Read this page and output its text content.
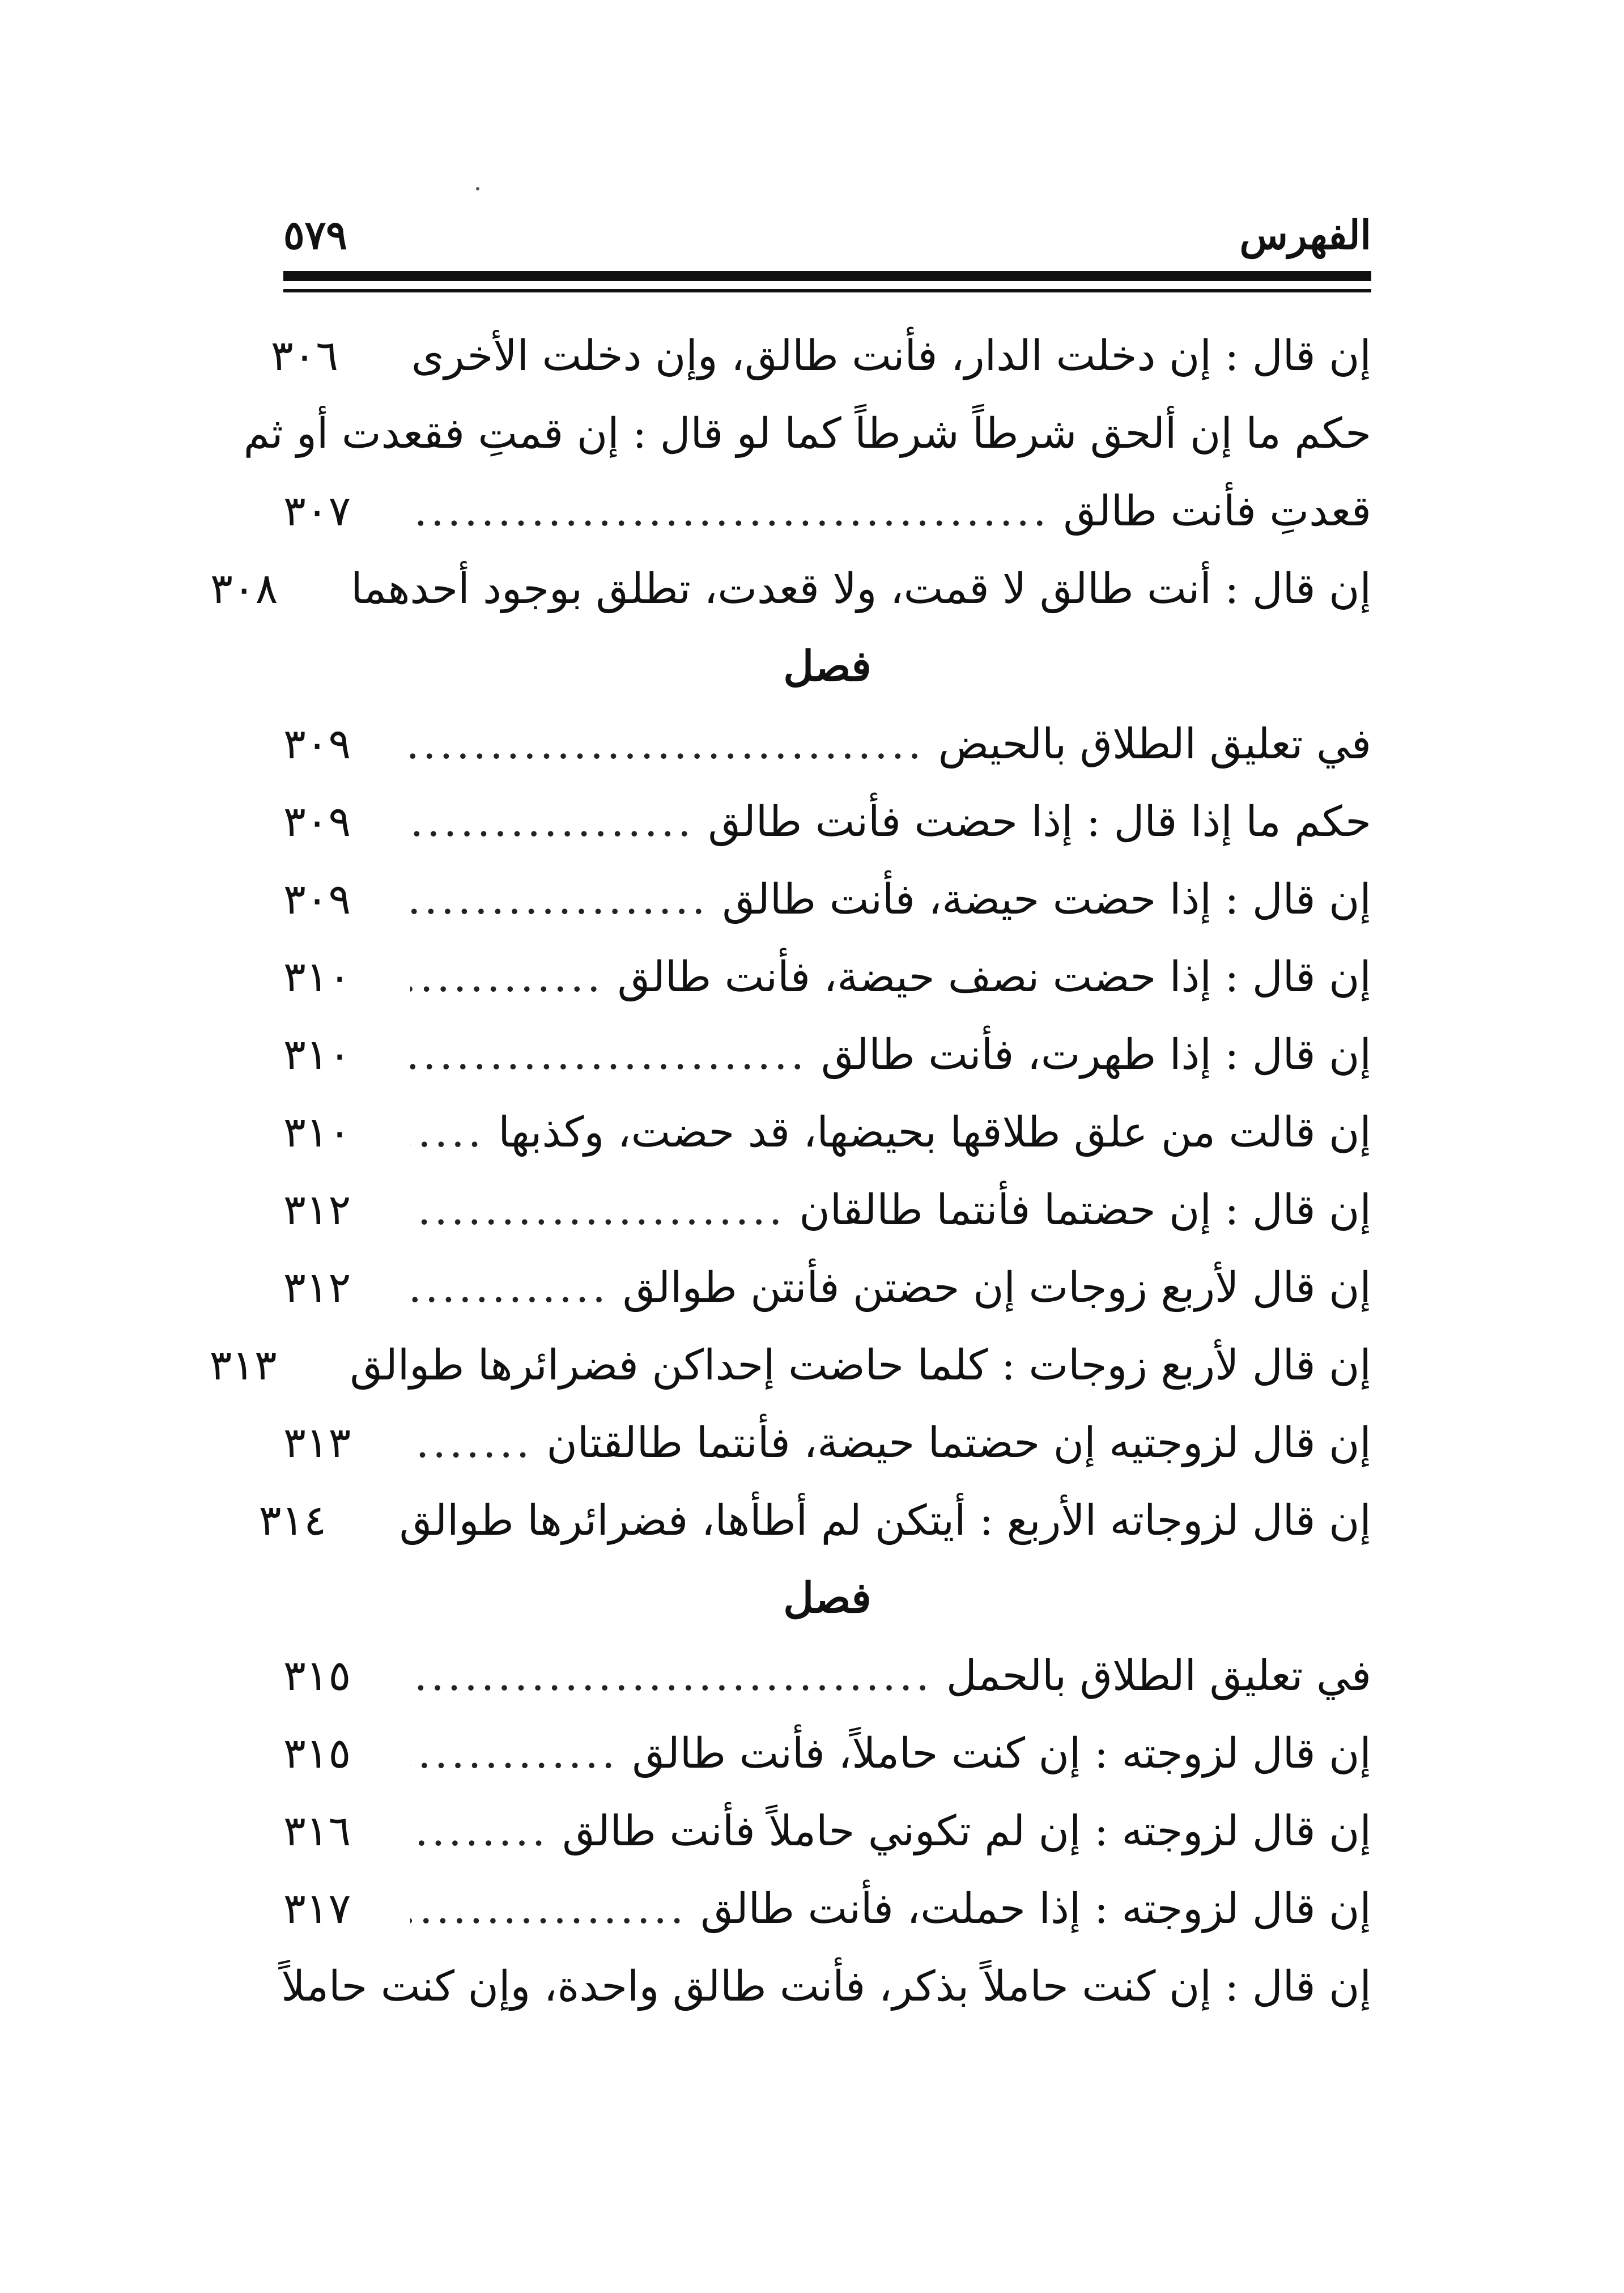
الفهرس
٥٧٩
إن قال : إن دخلت الدار، فأنت طالق، وإن دخلت الأخرى
٣٠٦
حكم ما إن ألحق شرطاً شرطاً كما لو قال : إن قمتِ فقعدت أو ثم
قعدتِ فأنت طالق
.....
٣٠٧
إن قال : أنت طالق لا قمت، ولا قعدت، تطلق بوجود أحدهما
٣٠٨
فصل
في تعليق الطلاق بالحيض
.....
٣٠٩
حكم ما إذا قال : إذا حضت فأنت طالق
.....
٣٠٩
إن قال : إذا حضت حيضة، فأنت طالق
.....
٣٠٩
إن قال : إذا حضت نصف حيضة، فأنت طالق
.....
٣١٠
إن قال : إذا طهرت، فأنت طالق
.....
٣١٠
إن قالت من علق طلاقها بحيضها، قد حضت، وكذبها
.....
٣١٠
إن قال : إن حضتما فأنتما طالقان
.....
٣١٢
إن قال لأربع زوجات إن حضتن فأنتن طوالق
.....
٣١٢
إن قال لأربع زوجات : كلما حاضت إحداكن فضرائرها طوالق
٣١٣
إن قال لزوجتيه إن حضتما حيضة، فأنتما طالقتان
.....
٣١٣
إن قال لزوجاته الأربع : أيتكن لم أطأها، فضرائرها طوالق
٣١٤
فصل
في تعليق الطلاق بالحمل
.....
٣١٥
إن قال لزوجته : إن كنت حاملاً، فأنت طالق
.....
٣١٥
إن قال لزوجته : إن لم تكوني حاملاً فأنت طالق
.....
٣١٦
إن قال لزوجته : إذا حملت، فأنت طالق
.....
٣١٧
إن قال : إن كنت حاملاً بذكر، فأنت طالق واحدة، وإن كنت حاملاً
